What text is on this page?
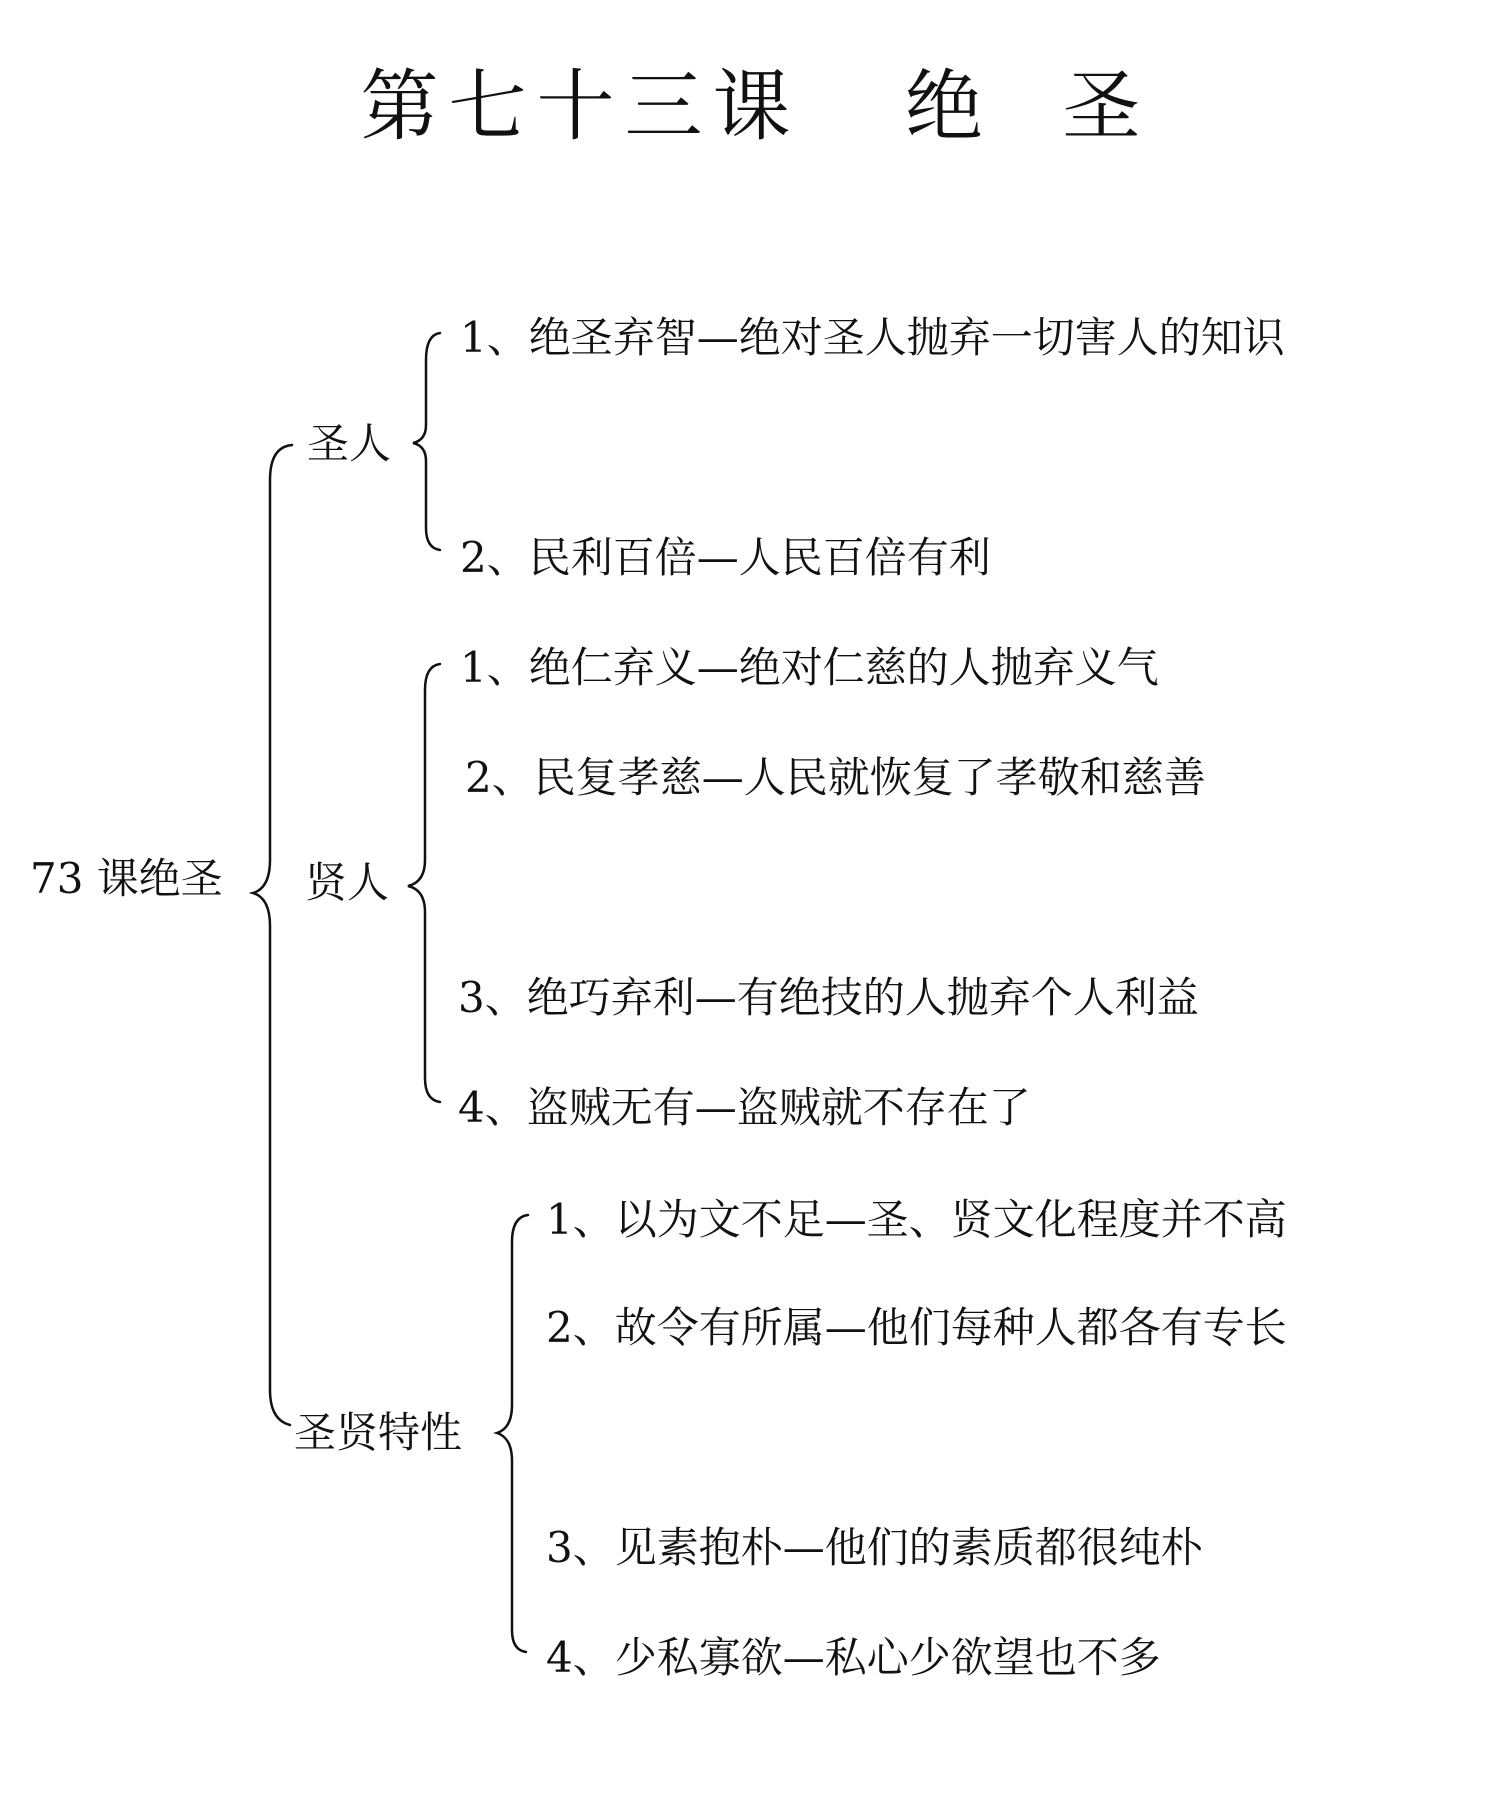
第七十三课   绝  圣
73 课绝圣
圣人
贤人
圣贤特性
1、绝圣弃智—绝对圣人抛弃一切害人的知识
2、民利百倍—人民百倍有利
1、绝仁弃义—绝对仁慈的人抛弃义气
2、民复孝慈—人民就恢复了孝敬和慈善
3、绝巧弃利—有绝技的人抛弃个人利益
4、盗贼无有—盗贼就不存在了
1、以为文不足—圣、贤文化程度并不高
2、故令有所属—他们每种人都各有专长
3、见素抱朴—他们的素质都很纯朴
4、少私寡欲—私心少欲望也不多
